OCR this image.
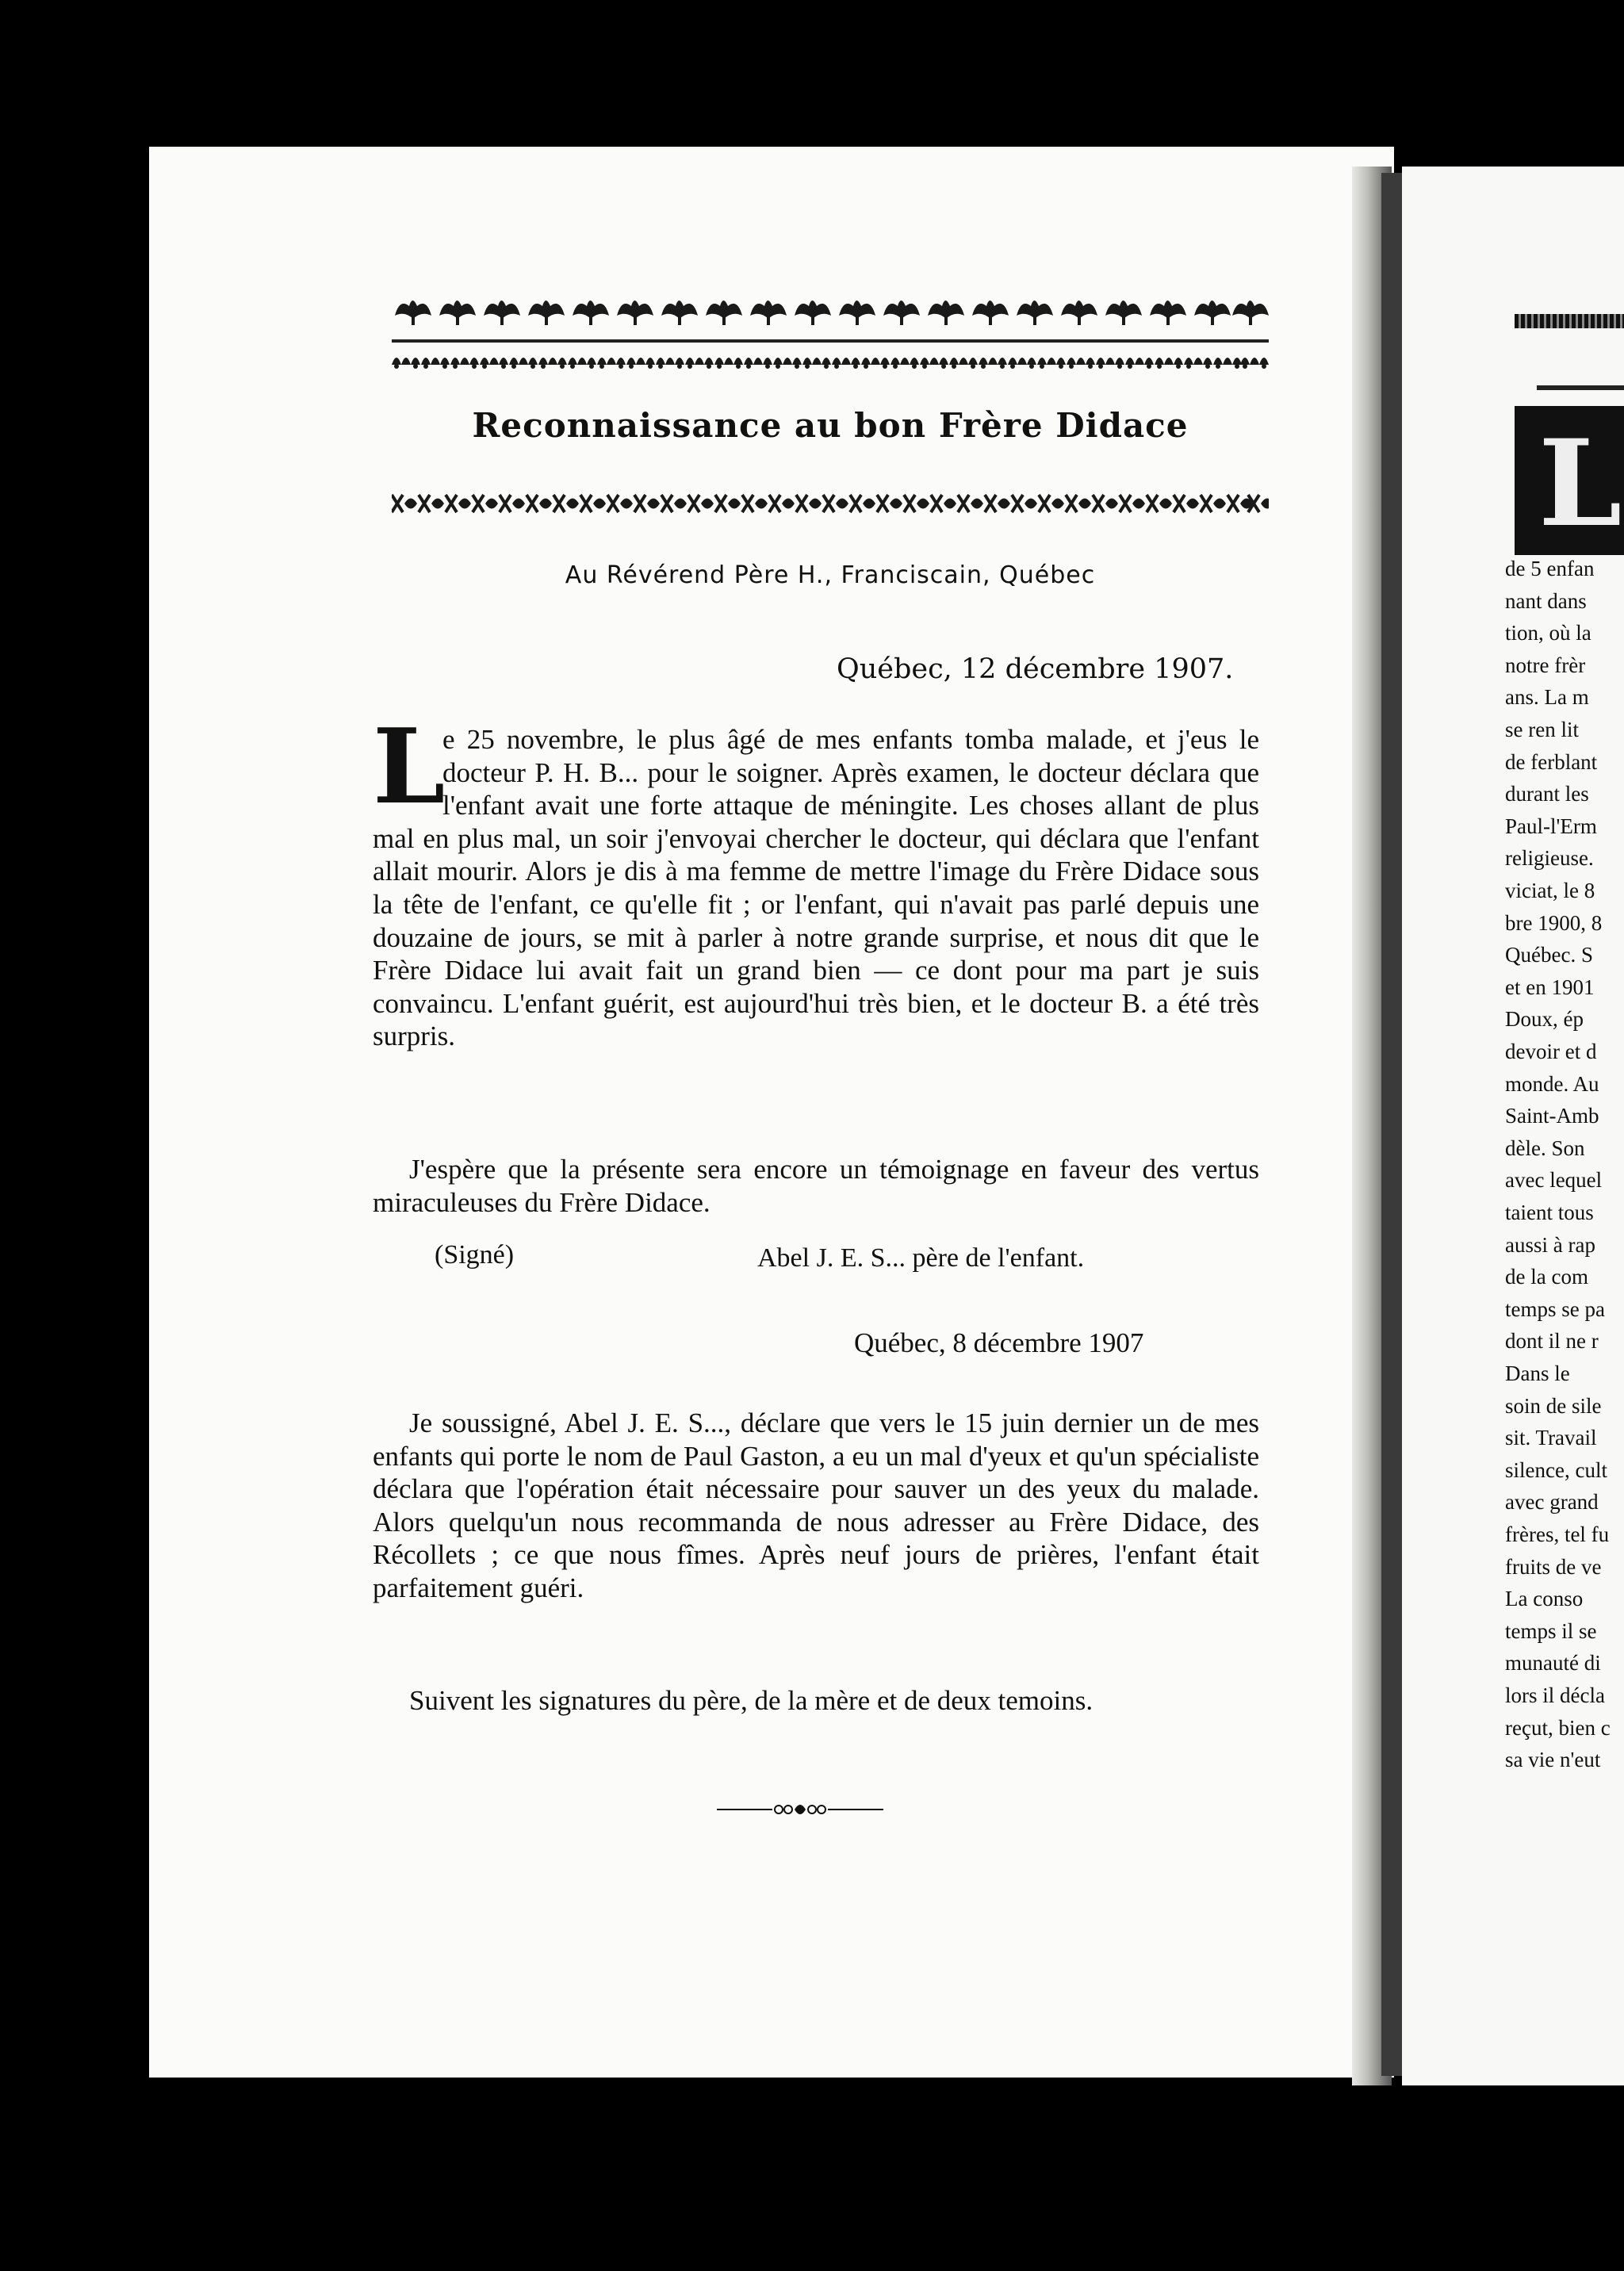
Reconnaissance au bon Frère Didace
Au Révérend Père H., Franciscain, Québec
Québec, 12 décembre 1907.
L
e 25 novembre, le plus âgé de mes enfants tomba malade, et j'eus le docteur P. H. B... pour le soigner. Après examen, le docteur déclara que l'enfant avait une forte attaque de méningite. Les choses allant de plus mal en plus mal, un soir j'envoyai chercher le docteur, qui déclara que l'enfant allait mourir. Alors je dis à ma femme de mettre l'image du Frère Didace sous la tête de l'enfant, ce qu'elle fit ; or l'enfant, qui n'avait pas parlé depuis une douzaine de jours, se mit à parler à notre grande surprise, et nous dit que le Frère Didace lui avait fait un grand bien — ce dont pour ma part je suis convaincu. L'enfant guérit, est aujourd'hui très bien, et le docteur B. a été très surpris.
J'espère que la présente sera encore un témoignage en faveur des vertus miraculeuses du Frère Didace.
(Signé)	Abel J. E. S... père de l'enfant.
Québec, 8 décembre 1907
Je soussigné, Abel J. E. S..., déclare que vers le 15 juin dernier un de mes enfants qui porte le nom de Paul Gaston, a eu un mal d'yeux et qu'un spécialiste déclara que l'opération était nécessaire pour sauver un des yeux du malade. Alors quelqu'un nous recommanda de nous adresser au Frère Didace, des Récollets ; ce que nous fîmes. Après neuf jours de prières, l'enfant était parfaitement guéri.
Suivent les signatures du père, de la mère et de deux temoins.
L
de 5 enfan
nant dans
tion, où la
notre frèr
ans. La m
se ren lit
de ferblant
durant les
Paul-l'Erm
religieuse.
viciat, le 8
bre 1900, 8
Québec. S
et en 1901
Doux, ép
devoir et d
monde. Au
Saint-Amb
dèle. Son
avec lequel
taient tous
aussi à rap
de la com
temps se pa
dont il ne r
Dans le
soin de sile
sit. Travail
silence, cult
avec grand
frères, tel fu
fruits de ve
La conso
temps il se
munauté di
lors il décla
reçut, bien c
sa vie n'eut
